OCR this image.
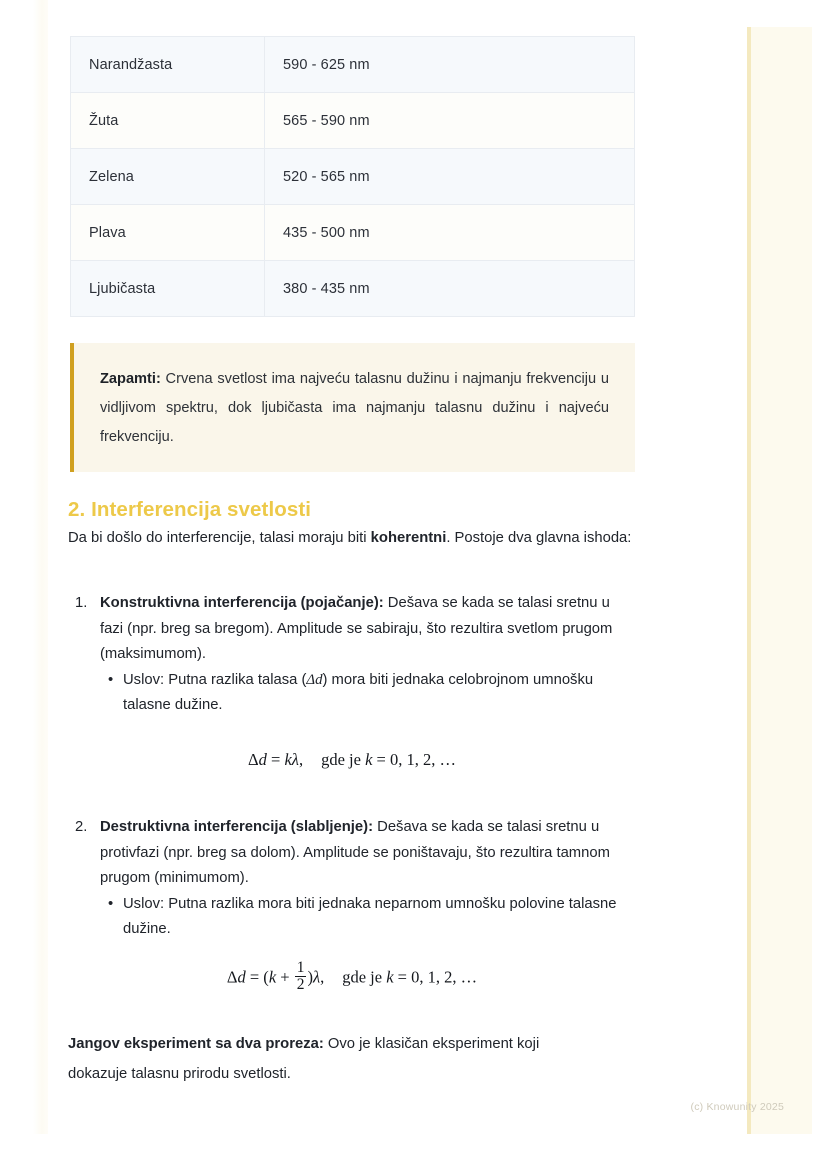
Narandžasta	590 - 625 nm
Žuta	565 - 590 nm
Zelena	520 - 565 nm
Plava	435 - 500 nm
Ljubičasta	380 - 435 nm

Zapamti: Crvena svetlost ima najveću talasnu dužinu i najmanju frekvenciju u vidljivom spektru, dok ljubičasta ima najmanju talasnu dužinu i najveću frekvenciju.

2. Interferencija svetlosti

Da bi došlo do interferencije, talasi moraju biti koherentni. Postoje dva glavna ishoda:

1. Konstruktivna interferencija (pojačanje): Dešava se kada se talasi sretnu u fazi (npr. breg sa bregom). Amplitude se sabiraju, što rezultira svetlom prugom (maksimumom).

• Uslov: Putna razlika talasa (Δd) mora biti jednaka celobrojnom umnošku talasne dužine.

2. Destruktivna interferencija (slabljenje): Dešava se kada se talasi sretnu u protivfazi (npr. breg sa dolom). Amplitude se poništavaju, što rezultira tamnom prugom (minimumom).

• Uslov: Putna razlika mora biti jednaka neparnom umnošku polovine talasne dužine.

Δd = kλ, gde je k = 0, 1, 2, …
$\Delta d = (k + \frac{1}{2} )\lambda$, gde je k = 0, 1, 2, …

Jangov eksperiment sa dva proreza: Ovo je klasičan eksperiment koji
dokazuje talasnu prirodu svetlosti.

(c) Knowunity 2025
